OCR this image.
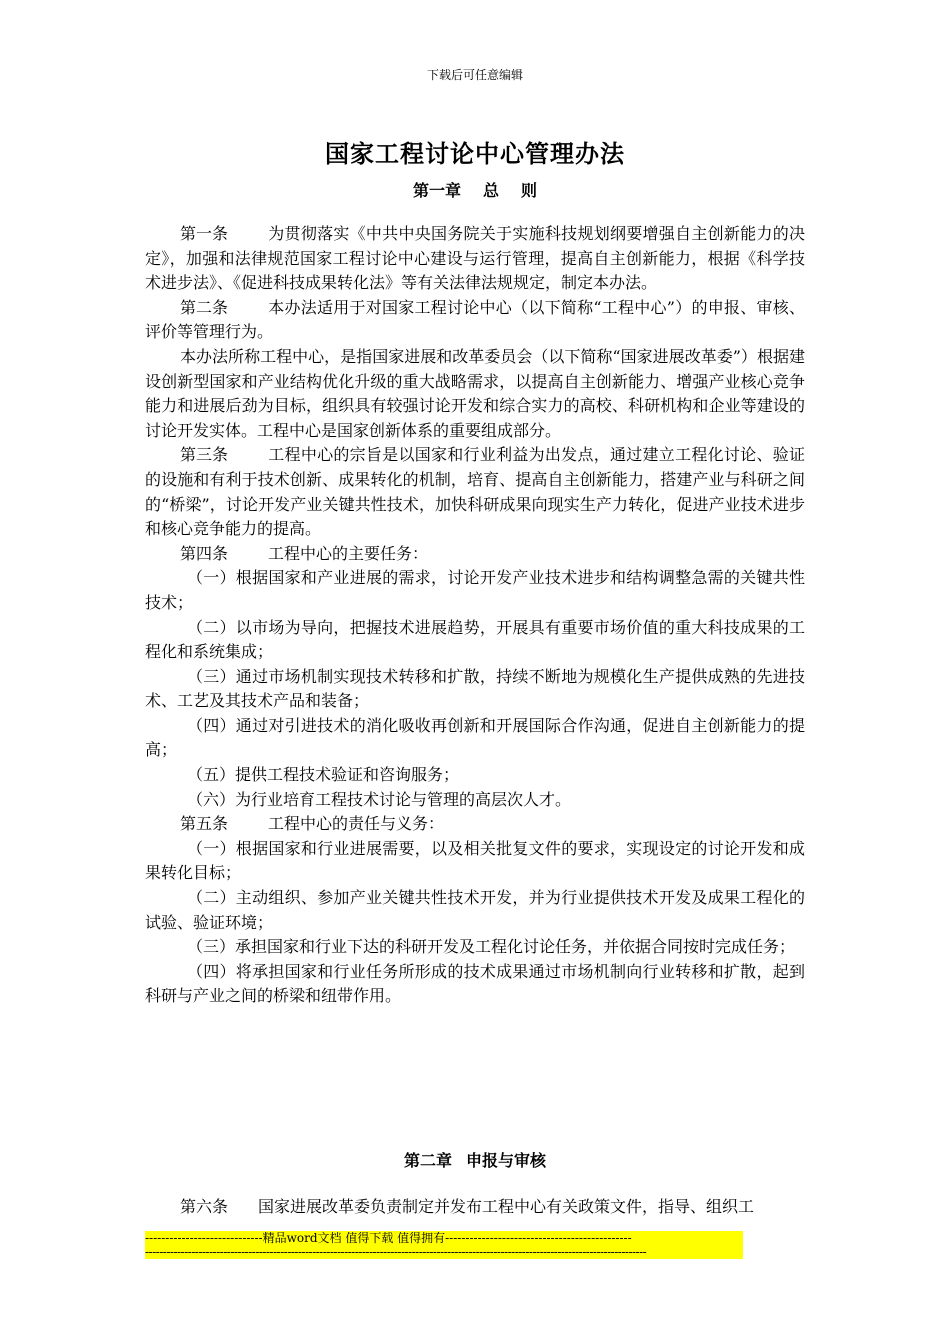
下载后可任意编辑
国家工程讨论中心管理办法
第一章 总 则

第一条 为贯彻落实《中共中央国务院关于实施科技规划纲要增强自主创新能力的决定》，加强和法律规范国家工程讨论中心建设与运行管理，提高自主创新能力，根据《科学技术进步法》、《促进科技成果转化法》等有关法律法规规定，制定本办法。

第二条 本办法适用于对国家工程讨论中心（以下简称“工程中心”）的申报、审核、评价等管理行为。

本办法所称工程中心，是指国家进展和改革委员会（以下简称“国家进展改革委”）根据建设创新型国家和产业结构优化升级的重大战略需求，以提高自主创新能力、增强产业核心竞争能力和进展后劲为目标，组织具有较强讨论开发和综合实力的高校、科研机构和企业等建设的讨论开发实体。工程中心是国家创新体系的重要组成部分。

第三条 工程中心的宗旨是以国家和行业利益为出发点，通过建立工程化讨论、验证的设施和有利于技术创新、成果转化的机制，培育、提高自主创新能力，搭建产业与科研之间的“桥梁”，讨论开发产业关键共性技术，加快科研成果向现实生产力转化，促进产业技术进步和核心竞争能力的提高。

第四条 工程中心的主要任务：

（一）根据国家和产业进展的需求，讨论开发产业技术进步和结构调整急需的关键共性技术；

（二）以市场为导向，把握技术进展趋势，开展具有重要市场价值的重大科技成果的工程化和系统集成；

（三）通过市场机制实现技术转移和扩散，持续不断地为规模化生产提供成熟的先进技术、工艺及其技术产品和装备；

（四）通过对引进技术的消化吸收再创新和开展国际合作沟通，促进自主创新能力的提高；

（五）提供工程技术验证和咨询服务；

（六）为行业培育工程技术讨论与管理的高层次人才。

第五条 工程中心的责任与义务：

（一）根据国家和行业进展需要，以及相关批复文件的要求，实现设定的讨论开发和成果转化目标；

（二）主动组织、参加产业关键共性技术开发，并为行业提供技术开发及成果工程化的试验、验证环境；

（三）承担国家和行业下达的科研开发及工程化讨论任务，并依据合同按时完成任务；

（四）将承担国家和行业任务所形成的技术成果通过市场机制向行业转移和扩散，起到科研与产业之间的桥梁和纽带作用。

第二章 申报与审核

第六条 国家进展改革委负责制定并发布工程中心有关政策文件，指导、组织工

-----------------------------精品word文档 值得下载 值得拥有----------------------------------------------
---------------------------------------------------------------------------------------------------------------------------------------------
